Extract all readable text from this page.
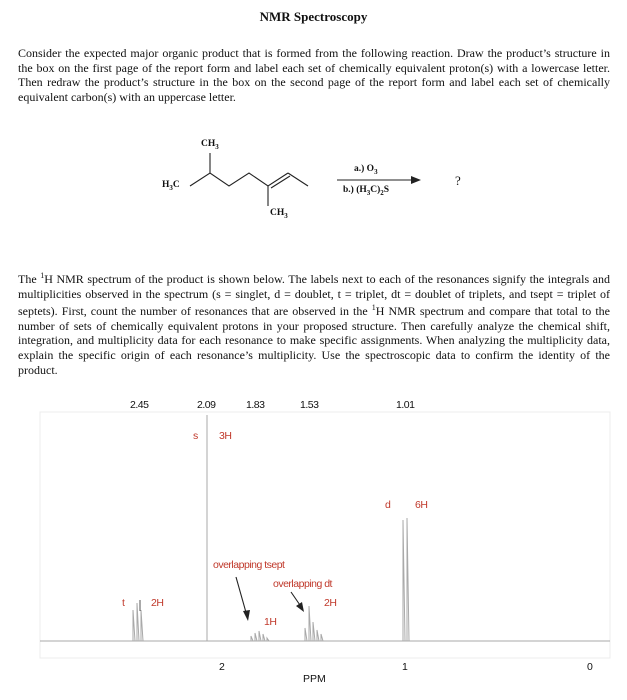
NMR Spectroscopy

Consider the expected major organic product that is formed from the following reaction. Draw the product’s structure in the box on the first page of the report form and label each set of chemically equivalent proton(s) with a lowercase letter. Then redraw the product’s structure in the box on the second page of the report form and label each set of chemically equivalent carbon(s) with an uppercase letter.

$CH_3$
$H_3C$
$CH_3$
a.) $O_3$
b.) $(H_3C)_2S$
?

The $^1$H NMR spectrum of the product is shown below. The labels next to each of the resonances signify the integrals and multiplicities observed in the spectrum (s = singlet, d = doublet, t = triplet, dt = doublet of triplets, and tsept = triplet of septets). First, count the number of resonances that are observed in the $^1$H NMR spectrum and compare that total to the number of sets of chemically equivalent protons in your proposed structure. Then carefully analyze the chemical shift, integration, and multiplicity data for each resonance to make specific assignments. When analyzing the multiplicity data, explain the specific origin of each resonance’s multiplicity. Use the spectroscopic data to confirm the identity of the product.

2.45	2.09	1.83	1.53	1.01
s 3H
d 6H
overlapping tsept
overlapping dt
t	2H	2H
1H
2	1	0
PPM
